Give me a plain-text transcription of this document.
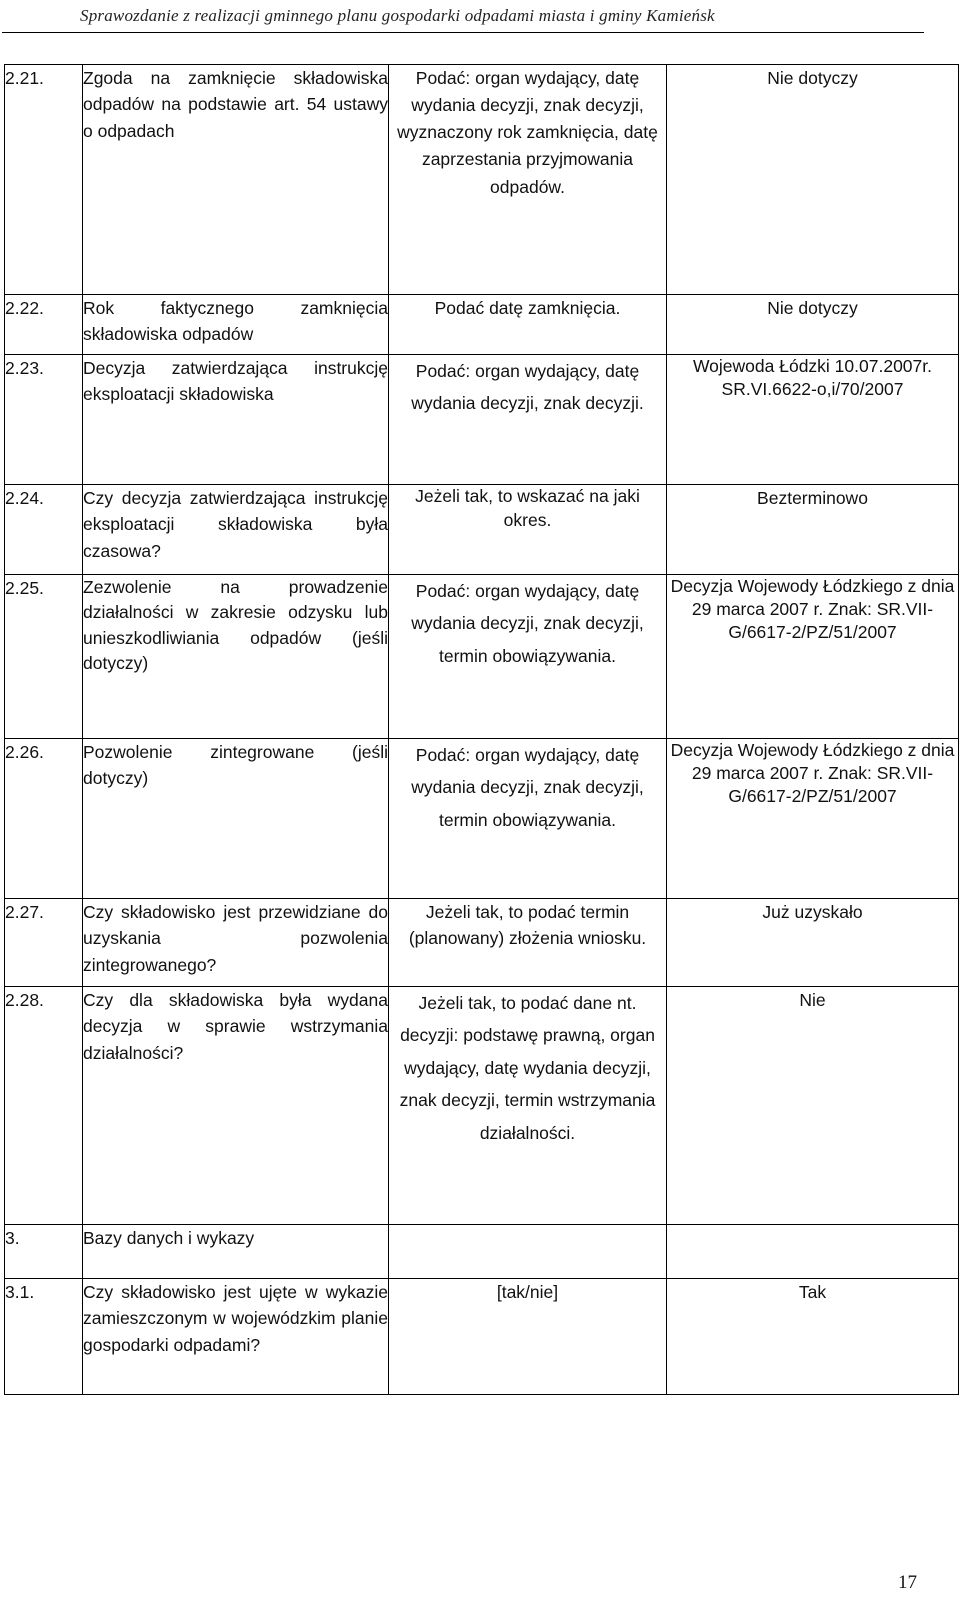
Sprawozdanie z realizacji gminnego planu gospodarki odpadami miasta i gminy Kamieńsk
2.21.	Zgoda na zamknięcie składowiska odpadów na podstawie art. 54 ustawy o odpadach	Podać: organ wydający, datę wydania decyzji, znak decyzji, wyznaczony rok zamknięcia, datę zaprzestania przyjmowania odpadów.	Nie dotyczy
2.22.	Rok faktycznego zamknięcia składowiska odpadów	Podać datę zamknięcia.	Nie dotyczy
2.23.	Decyzja zatwierdzająca instrukcję eksploatacji składowiska	Podać: organ wydający, datę wydania decyzji, znak decyzji.	Wojewoda Łódzki 10.07.2007r. SR.VI.6622-o,i/70/2007
2.24.	Czy decyzja zatwierdzająca instrukcję eksploatacji składowiska była czasowa?	Jeżeli tak, to wskazać na jaki okres.	Bezterminowo
2.25.	Zezwolenie na prowadzenie działalności w zakresie odzysku lub unieszkodliwiania odpadów (jeśli dotyczy)	Podać: organ wydający, datę wydania decyzji, znak decyzji, termin obowiązywania.	Decyzja Wojewody Łódzkiego z dnia 29 marca 2007 r. Znak: SR.VII-G/6617-2/PZ/51/2007
2.26.	Pozwolenie zintegrowane (jeśli dotyczy)	Podać: organ wydający, datę wydania decyzji, znak decyzji, termin obowiązywania.	Decyzja Wojewody Łódzkiego z dnia 29 marca 2007 r. Znak: SR.VII-G/6617-2/PZ/51/2007
2.27.	Czy składowisko jest przewidziane do uzyskania pozwolenia zintegrowanego?	Jeżeli tak, to podać termin (planowany) złożenia wniosku.	Już uzyskało
2.28.	Czy dla składowiska była wydana decyzja w sprawie wstrzymania działalności?	Jeżeli tak, to podać dane nt. decyzji: podstawę prawną, organ wydający, datę wydania decyzji, znak decyzji, termin wstrzymania działalności.	Nie
3.	Bazy danych i wykazy		
3.1.	Czy składowisko jest ujęte w wykazie zamieszczonym w wojewódzkim planie gospodarki odpadami?	[tak/nie]	Tak
17
